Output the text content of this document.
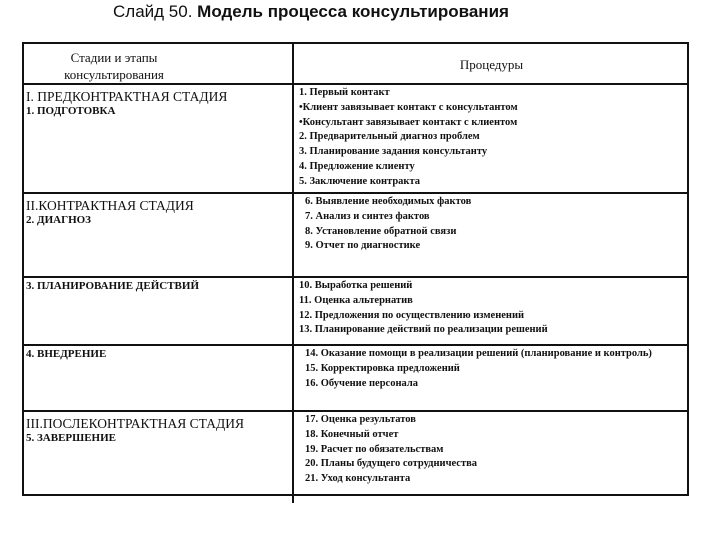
Слайд 50. Модель процесса консультирования
Стадии и этапы консультирования
Процедуры
I. ПРЕДКОНТРАКТНАЯ СТАДИЯ
1. ПОДГОТОВКА
1. Первый контакт
•Клиент завязывает контакт с консультантом
•Консультант завязывает контакт с клиентом
2. Предварительный диагноз проблем
3. Планирование задания консультанту
4. Предложение клиенту
5. Заключение контракта
II.КОНТРАКТНАЯ СТАДИЯ
2. ДИАГНОЗ
6. Выявление необходимых фактов
7. Анализ и синтез фактов
8. Установление обратной связи
9. Отчет по диагностике
3. ПЛАНИРОВАНИЕ ДЕЙСТВИЙ	10. Выработка решений
11. Оценка альтернатив
12. Предложения по осуществлению изменений
13. Планирование действий по реализации решений
4. ВНЕДРЕНИЕ	14. Оказание помощи в реализации решений (планирование и контроль)
15. Корректировка предложений
16. Обучение персонала
III.ПОСЛЕКОНТРАКТНАЯ СТАДИЯ
5. ЗАВЕРШЕНИЕ
17. Оценка результатов
18. Конечный отчет
19. Расчет по обязательствам
20. Планы будущего сотрудничества
21. Уход консультанта
